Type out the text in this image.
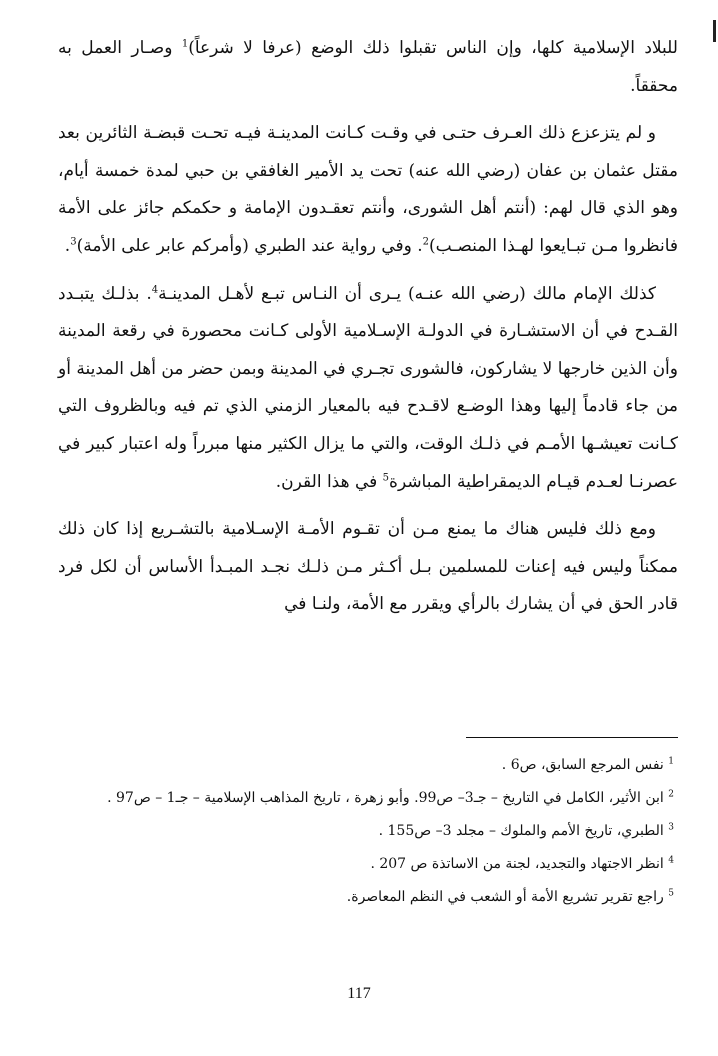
للبلاد الإسلامية كلها، وإن الناس تقبلوا ذلك الوضع (عرفا لا شرعاً)$^1$ وصـار العمل به محققاً.

و لم يتزعزع ذلك العـرف حتـى في وقـت كـانت المدينـة فيـه تحـت قبضـة الثائرين بعد مقتل عثمان بن عفان (رضي الله عنه) تحت يد الأمير الغافقي بن حبي لمدة خمسة أيام، وهو الذي قال لهم: (أنتم أهل الشورى، وأنتم تعقـدون الإمامة و حكمكم جائز على الأمة فانظروا مـن تبـايعوا لهـذا المنصـب)$^2$. وفي رواية عند الطبري (وأمركم عابر على الأمة)$^3$.

كذلك الإمام مالك (رضي الله عنـه) يـرى أن النـاس تبـع لأهـل المدينـة$^4$. بذلـك يتبـدد القـدح في أن الاستشـارة في الدولـة الإسـلامية الأولى كـانت محصورة في رقعة المدينة وأن الذين خارجها لا يشاركون، فالشورى تجـري في المدينة وبمن حضر من أهل المدينة أو من جاء قادماً إليها وهذا الوضـع لاقـدح فيه بالمعيار الزمني الذي تم فيه وبالظروف التي كـانت تعيشـها الأمـم في ذلـك الوقت، والتي ما يزال الكثير منها مبرراً وله اعتبار كبير في عصرنـا لعـدم قيـام الديمقراطية المباشرة$^5$ في هذا القرن.

ومع ذلك فليس هناك ما يمنع مـن أن تقـوم الأمـة الإسـلامية بالتشـريع إذا كان ذلك ممكناً وليس فيه إعنات للمسلمين بـل أكـثر مـن ذلـك نجـد المبـدأ الأساس أن لكل فرد قادر الحق في أن يشارك بالرأي ويقرر مع الأمة، ولنـا في

$^1$ نفس المرجع السابق، ص6 .

$^2$ ابن الأثير، الكامل في التاريخ – جـ3– ص99. وأبو زهرة ، تاريخ المذاهب الإسلامية – جـ1 – ص97 .

$^3$ الطبري، تاريخ الأمم والملوك – مجلد 3– ص155 .

$^4$ انظر الاجتهاد والتجديد، لجنة من الاساتذة ص 207 .

$^5$ راجع تقرير تشريع الأمة أو الشعب في النظم المعاصرة.

117
